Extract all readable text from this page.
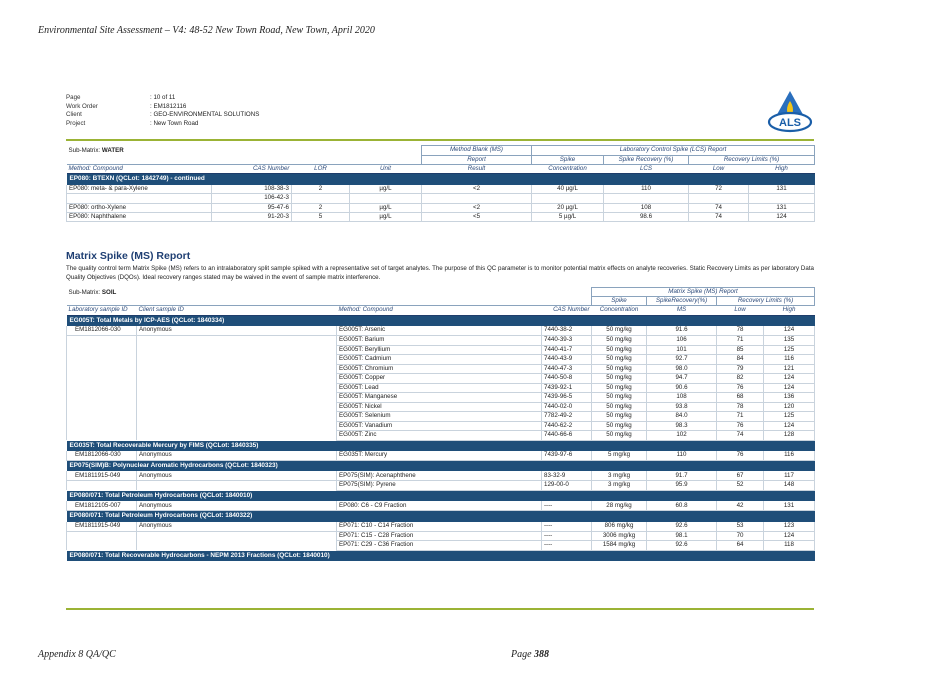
Environmental Site Assessment – V4: 48-52 New Town Road, New Town, April 2020
Page	: 10 of 11
Work Order	: EM1812116
Client	: GEO-ENVIRONMENTAL SOLUTIONS
Project	: New Town Road	ALS
Sub-Matrix: WATER				Method Blank (MS)	Laboratory Control Spike (LCS) Report			
				Report	Spike	Spike Recovery (%)	Recovery Limits (%)	
Method: Compound	CAS Number	LOR	Unit	Result	Concentration	LCS	Low	High
EP080: BTEXN (QCLot: 1842749) - continued								
EP080: meta- & para-Xylene	108-38-3	2	µg/L	<2	40 µg/L	110	72	131
	106-42-3							
EP080: ortho-Xylene	95-47-6	2	µg/L	<2	20 µg/L	108	74	131
EP080: Naphthalene	91-20-3	5	µg/L	<5	5 µg/L	98.6	74	124
Matrix Spike (MS) Report
The quality control term Matrix Spike (MS) refers to an intralaboratory split sample spiked with a representative set of target analytes. The purpose of this QC parameter is to monitor potential matrix effects on analyte recoveries. Static Recovery Limits as per laboratory Data Quality Objectives (DQOs). Ideal recovery ranges stated may be waived in the event of sample matrix interference.
Sub-Matrix: SOIL				Matrix Spike (MS) Report			
				Spike	SpikeRecovery(%)	Recovery Limits (%)	
Laboratory sample ID	Client sample ID	Method: Compound	CAS Number	Concentration	MS	Low	High
EG005T: Total Metals by ICP-AES (QCLot: 1840334)							
EM1812066-030	Anonymous	EG005T: Arsenic	7440-38-2	50 mg/kg	91.6	78	124
		EG005T: Barium	7440-39-3	50 mg/kg	106	71	135
		EG005T: Beryllium	7440-41-7	50 mg/kg	101	85	125
		EG005T: Cadmium	7440-43-9	50 mg/kg	92.7	84	116
		EG005T: Chromium	7440-47-3	50 mg/kg	98.0	79	121
		EG005T: Copper	7440-50-8	50 mg/kg	94.7	82	124
		EG005T: Lead	7439-92-1	50 mg/kg	90.6	76	124
		EG005T: Manganese	7439-96-5	50 mg/kg	108	68	136
		EG005T: Nickel	7440-02-0	50 mg/kg	93.8	78	120
		EG005T: Selenium	7782-49-2	50 mg/kg	84.0	71	125
		EG005T: Vanadium	7440-62-2	50 mg/kg	98.3	76	124
		EG005T: Zinc	7440-66-6	50 mg/kg	102	74	128
EG035T: Total Recoverable Mercury by FIMS (QCLot: 1840335)							
EM1812066-030	Anonymous	EG035T: Mercury	7439-97-6	5 mg/kg	110	76	116
EP075(SIM)B: Polynuclear Aromatic Hydrocarbons (QCLot: 1840323)							
EM1811915-049	Anonymous	EP075(SIM): Acenaphthene	83-32-9	3 mg/kg	91.7	67	117
		EP075(SIM): Pyrene	129-00-0	3 mg/kg	95.9	52	148
EP080/071: Total Petroleum Hydrocarbons (QCLot: 1840010)							
EM1812105-007	Anonymous	EP080: C6 - C9 Fraction	----	28 mg/kg	60.8	42	131
EP080/071: Total Petroleum Hydrocarbons (QCLot: 1840322)							
EM1811915-049	Anonymous	EP071: C10 - C14 Fraction	----	806 mg/kg	92.6	53	123
		EP071: C15 - C28 Fraction	----	3006 mg/kg	98.1	70	124
		EP071: C29 - C36 Fraction	----	1584 mg/kg	92.6	64	118
EP080/071: Total Recoverable Hydrocarbons - NEPM 2013 Fractions (QCLot: 1840010)							
Appendix 8 QA/QC	Page 388
